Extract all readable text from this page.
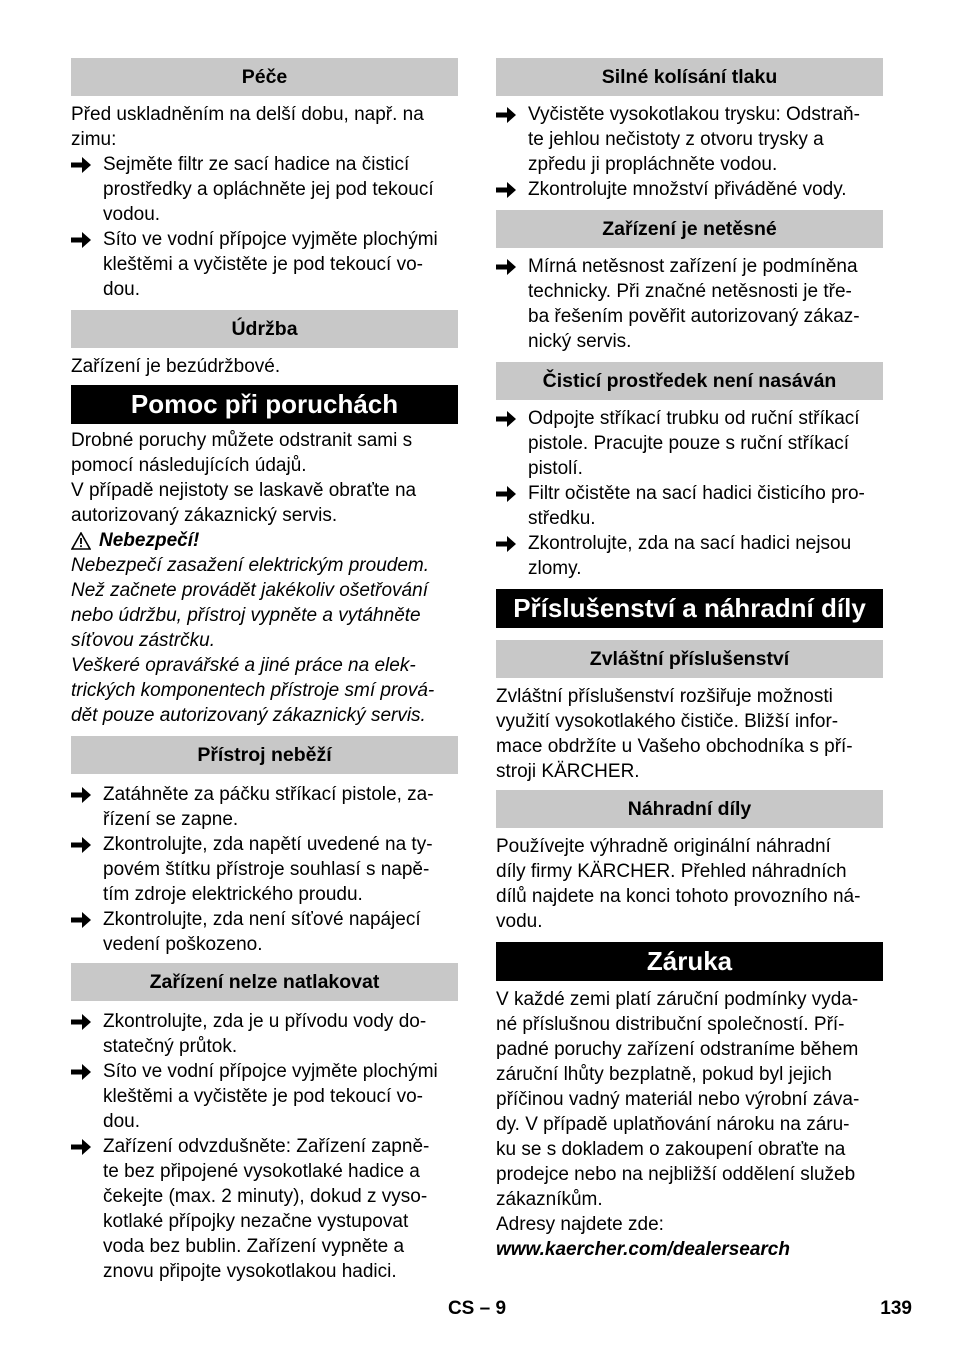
Péče
Před uskladněním na delší dobu, např. na
zimu:
Sejměte filtr ze sací hadice na čisticí
prostředky a opláchněte jej pod tekoucí
vodou.
Síto ve vodní přípojce vyjměte plochými
kleštěmi a vyčistěte je pod tekoucí vo-
dou.
Údržba
Zařízení je bezúdržbové.
Pomoc při poruchách
Drobné poruchy můžete odstranit sami s
pomocí následujících údajů.
V případě nejistoty se laskavě obraťte na
autorizovaný zákaznický servis.
Nebezpečí!
Nebezpečí zasažení elektrickým proudem.
Než začnete provádět jakékoliv ošetřování
nebo údržbu, přístroj vypněte a vytáhněte
síťovou zástrčku.
Veškeré opravářské a jiné práce na elek-
trických komponentech přístroje smí prová-
dět pouze autorizovaný zákaznický servis.
Přístroj neběží
Zatáhněte za páčku stříkací pistole, za-
řízení se zapne.
Zkontrolujte, zda napětí uvedené na ty-
povém štítku přístroje souhlasí s napě-
tím zdroje elektrického proudu.
Zkontrolujte, zda není síťové napájecí
vedení poškozeno.
Zařízení nelze natlakovat
Zkontrolujte, zda je u přívodu vody do-
statečný průtok.
Síto ve vodní přípojce vyjměte plochými
kleštěmi a vyčistěte je pod tekoucí vo-
dou.
Zařízení odvzdušněte: Zařízení zapně-
te bez připojené vysokotlaké hadice a
čekejte (max. 2 minuty), dokud z vyso-
kotlaké přípojky nezačne vystupovat
voda bez bublin. Zařízení vypněte a
znovu připojte vysokotlakou hadici.
Silné kolísání tlaku
Vyčistěte vysokotlakou trysku: Odstraň-
te jehlou nečistoty z otvoru trysky a
zpředu ji propláchněte vodou.
Zkontrolujte množství přiváděné vody.
Zařízení je netěsné
Mírná netěsnost zařízení je podmíněna
technicky. Při značné netěsnosti je tře-
ba řešením pověřit autorizovaný zákaz-
nický servis.
Čisticí prostředek není nasáván
Odpojte stříkací trubku od ruční stříkací
pistole. Pracujte pouze s ruční stříkací
pistolí.
Filtr očistěte na sací hadici čisticího pro-
středku.
Zkontrolujte, zda na sací hadici nejsou
zlomy.
Příslušenství a náhradní díly
Zvláštní příslušenství
Zvláštní příslušenství rozšiřuje možnosti
využití vysokotlakého čističe. Bližší infor-
mace obdržíte u Vašeho obchodníka s pří-
stroji KÄRCHER.
Náhradní díly
Používejte výhradně originální náhradní
díly firmy KÄRCHER. Přehled náhradních
dílů najdete na konci tohoto provozního ná-
vodu.
Záruka
V každé zemi platí záruční podmínky vyda-
né příslušnou distribuční společností. Pří-
padné poruchy zařízení odstraníme během
záruční lhůty bezplatně, pokud byl jejich
příčinou vadný materiál nebo výrobní záva-
dy. V případě uplatňování nároku na záru-
ku se s dokladem o zakoupení obraťte na
prodejce nebo na nejbližší oddělení služeb
zákazníkům.
Adresy najdete zde:
www.kaercher.com/dealersearch
CS – 9	139
